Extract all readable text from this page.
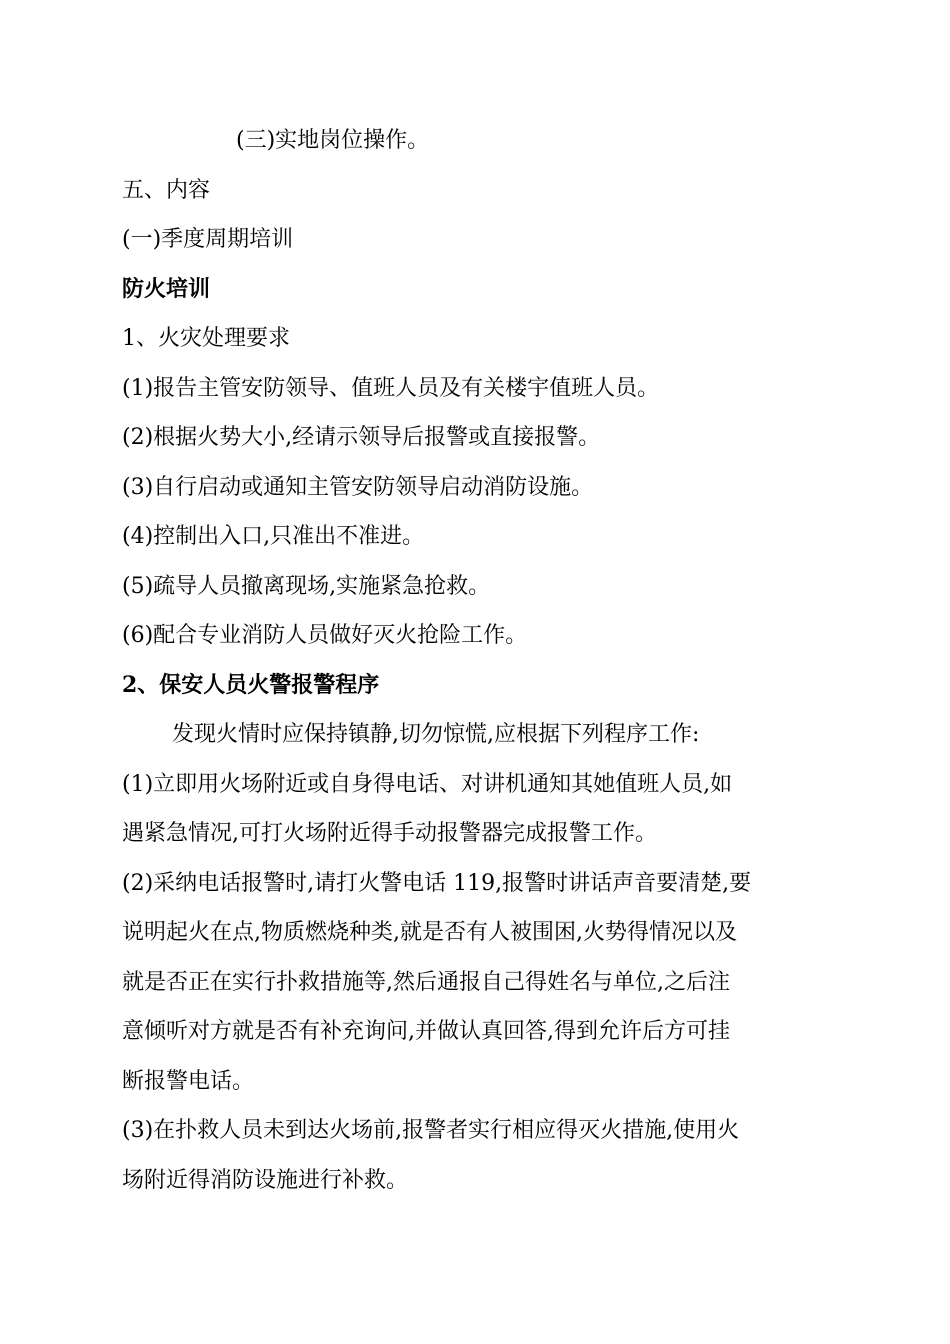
(三)实地岗位操作。

五、内容

(一)季度周期培训

防火培训

1、火灾处理要求

(1)报告主管安防领导、值班人员及有关楼宇值班人员。

(2)根据火势大小,经请示领导后报警或直接报警。

(3)自行启动或通知主管安防领导启动消防设施。

(4)控制出入口,只准出不准进。

(5)疏导人员撤离现场,实施紧急抢救。

(6)配合专业消防人员做好灭火抢险工作。

2、保安人员火警报警程序

发现火情时应保持镇静,切勿惊慌,应根据下列程序工作:

(1)立即用火场附近或自身得电话、对讲机通知其她值班人员,如

遇紧急情况,可打火场附近得手动报警器完成报警工作。

(2)采纳电话报警时,请打火警电话 119,报警时讲话声音要清楚,要

说明起火在点,物质燃烧种类,就是否有人被围困,火势得情况以及

就是否正在实行扑救措施等,然后通报自己得姓名与单位,之后注

意倾听对方就是否有补充询问,并做认真回答,得到允许后方可挂

断报警电话。

(3)在扑救人员未到达火场前,报警者实行相应得灭火措施,使用火

场附近得消防设施进行补救。
